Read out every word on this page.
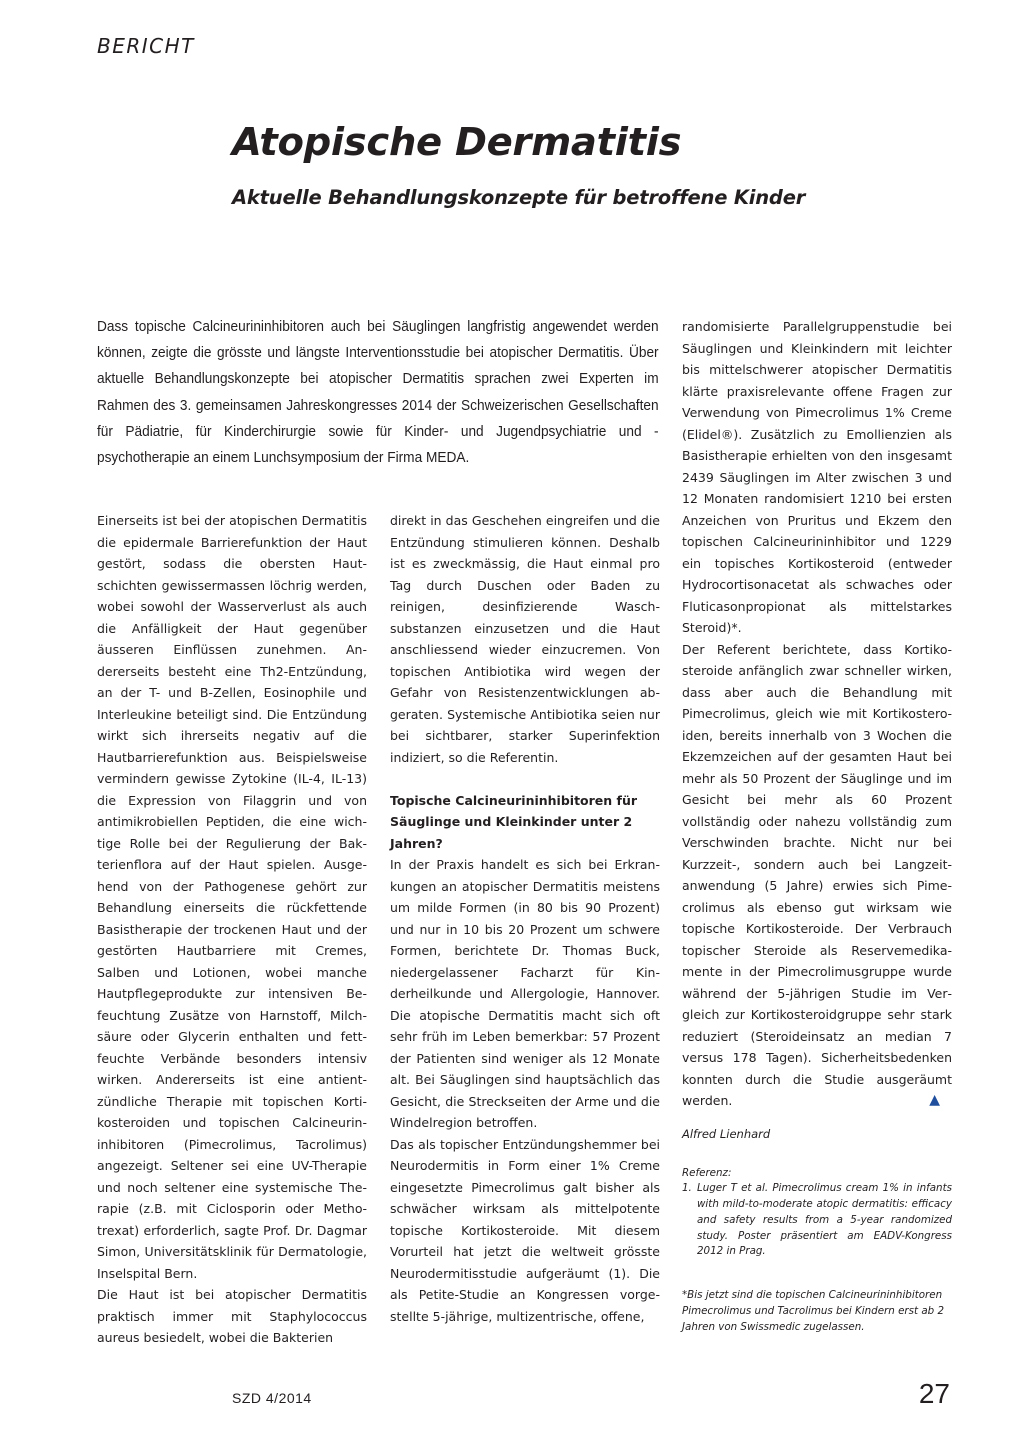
BERICHT
Atopische Dermatitis
Aktuelle Behandlungskonzepte für betroffene Kinder

Dass topische Calcineurininhibitoren auch bei Säuglingen langfristig angewendet werden können, zeigte die grösste und längste Interventionsstudie bei atopischer Dermatitis. Über aktuelle Behandlungskonzepte bei atopischer Dermatitis sprachen zwei Experten im Rahmen des 3. gemeinsamen Jahreskongresses 2014 der Schweizerischen Gesellschaften für Pädiatrie, für Kinderchirurgie sowie für Kinder- und Jugendpsychiatrie und -psychotherapie an einem Lunchsymposium der Firma MEDA.

Einerseits ist bei der atopischen Dermatitis die epidermale Barrierefunktion der Haut gestört, sodass die obersten Hautschichten gewissermassen löchrig werden, wobei sowohl der Wasserverlust als auch die Anfälligkeit der Haut gegenüber äusseren Einflüssen zunehmen. Andererseits besteht eine Th2-Entzündung, an der T- und B-Zellen, Eosinophile und Interleukine beteiligt sind. Die Entzündung wirkt sich ihrerseits negativ auf die Hautbarrierefunktion aus. Beispielsweise vermindern gewisse Zytokine (IL-4, IL-13) die Expression von Filaggrin und von antimikrobiellen Peptiden, die eine wichtige Rolle bei der Regulierung der Bakterienflora auf der Haut spielen. Ausgehend von der Pathogenese gehört zur Behandlung einerseits die rückfettende Basistherapie der trockenen Haut und der gestörten Hautbarriere mit Cremes, Salben und Lotionen, wobei manche Hautpflegeprodukte zur intensiven Befeuchtung Zusätze von Harnstoff, Milchsäure oder Glycerin enthalten und fettfeuchte Verbände besonders intensiv wirken. Andererseits ist eine antientzündliche Therapie mit topischen Kortikosteroiden und topischen Calcineurininhibitoren (Pimecrolimus, Tacrolimus) angezeigt. Seltener sei eine UV-Therapie und noch seltener eine systemische Therapie (z.B. mit Ciclosporin oder Methotrexat) erforderlich, sagte Prof. Dr. Dagmar Simon, Universitätsklinik für Dermatologie, Inselspital Bern.

Die Haut ist bei atopischer Dermatitis praktisch immer mit Staphylococcus aureus besiedelt, wobei die Bakterien

direkt in das Geschehen eingreifen und die Entzündung stimulieren können. Deshalb ist es zweckmässig, die Haut einmal pro Tag durch Duschen oder Baden zu reinigen, desinfizierende Waschsubstanzen einzusetzen und die Haut anschliessend wieder einzucremen. Von topischen Antibiotika wird wegen der Gefahr von Resistenzentwicklungen abgeraten. Systemische Antibiotika seien nur bei sichtbarer, starker Superinfektion indiziert, so die Referentin.

Topische Calcineurininhibitoren für Säuglinge und Kleinkinder unter 2 Jahren?

In der Praxis handelt es sich bei Erkrankungen an atopischer Dermatitis meistens um milde Formen (in 80 bis 90 Prozent) und nur in 10 bis 20 Prozent um schwere Formen, berichtete Dr. Thomas Buck, niedergelassener Facharzt für Kinderheilkunde und Allergologie, Hannover. Die atopische Dermatitis macht sich oft sehr früh im Leben bemerkbar: 57 Prozent der Patienten sind weniger als 12 Monate alt. Bei Säuglingen sind hauptsächlich das Gesicht, die Streckseiten der Arme und die Windelregion betroffen.

Das als topischer Entzündungshemmer bei Neurodermitis in Form einer 1% Creme eingesetzte Pimecrolimus galt bisher als schwächer wirksam als mittelpotente topische Kortikosteroide. Mit diesem Vorurteil hat jetzt die weltweit grösste Neurodermitisstudie aufgeräumt (1). Die als Petite-Studie an Kongressen vorgestellte 5-jährige, multizentrische, offene,

randomisierte Parallelgruppenstudie bei Säuglingen und Kleinkindern mit leichter bis mittelschwerer atopischer Dermatitis klärte praxisrelevante offene Fragen zur Verwendung von Pimecrolimus 1% Creme (Elidel®). Zusätzlich zu Emollienzien als Basistherapie erhielten von den insgesamt 2439 Säuglingen im Alter zwischen 3 und 12 Monaten randomisiert 1210 bei ersten Anzeichen von Pruritus und Ekzem den topischen Calcineurininhibitor und 1229 ein topisches Kortikosteroid (entweder Hydrocortisonacetat als schwaches oder Fluticasonpropionat als mittelstarkes Steroid)*.

Der Referent berichtete, dass Kortikosteroide anfänglich zwar schneller wirken, dass aber auch die Behandlung mit Pimecrolimus, gleich wie mit Kortikosteroiden, bereits innerhalb von 3 Wochen die Ekzemzeichen auf der gesamten Haut bei mehr als 50 Prozent der Säuglinge und im Gesicht bei mehr als 60 Prozent vollständig oder nahezu vollständig zum Verschwinden brachte. Nicht nur bei Kurzzeit-, sondern auch bei Langzeitanwendung (5 Jahre) erwies sich Pimecrolimus als ebenso gut wirksam wie topische Kortikosteroide. Der Verbrauch topischer Steroide als Reservemedikamente in der Pimecrolimusgruppe wurde während der 5-jährigen Studie im Vergleich zur Kortikosteroidgruppe sehr stark reduziert (Steroideinsatz an median 7 versus 178 Tagen). Sicherheitsbedenken konnten durch die Studie ausgeräumt werden.	▲

Alfred Lienhard

Referenz:

1. Luger T et al. Pimecrolimus cream 1% in infants with mild-to-moderate atopic dermatitis: efficacy and safety results from a 5-year randomized study. Poster präsentiert am EADV-Kongress 2012 in Prag.
*Bis jetzt sind die topischen Calcineurininhibitoren Pimecrolimus und Tacrolimus bei Kindern erst ab 2 Jahren von Swissmedic zugelassen.
SZD 4/2014	27
